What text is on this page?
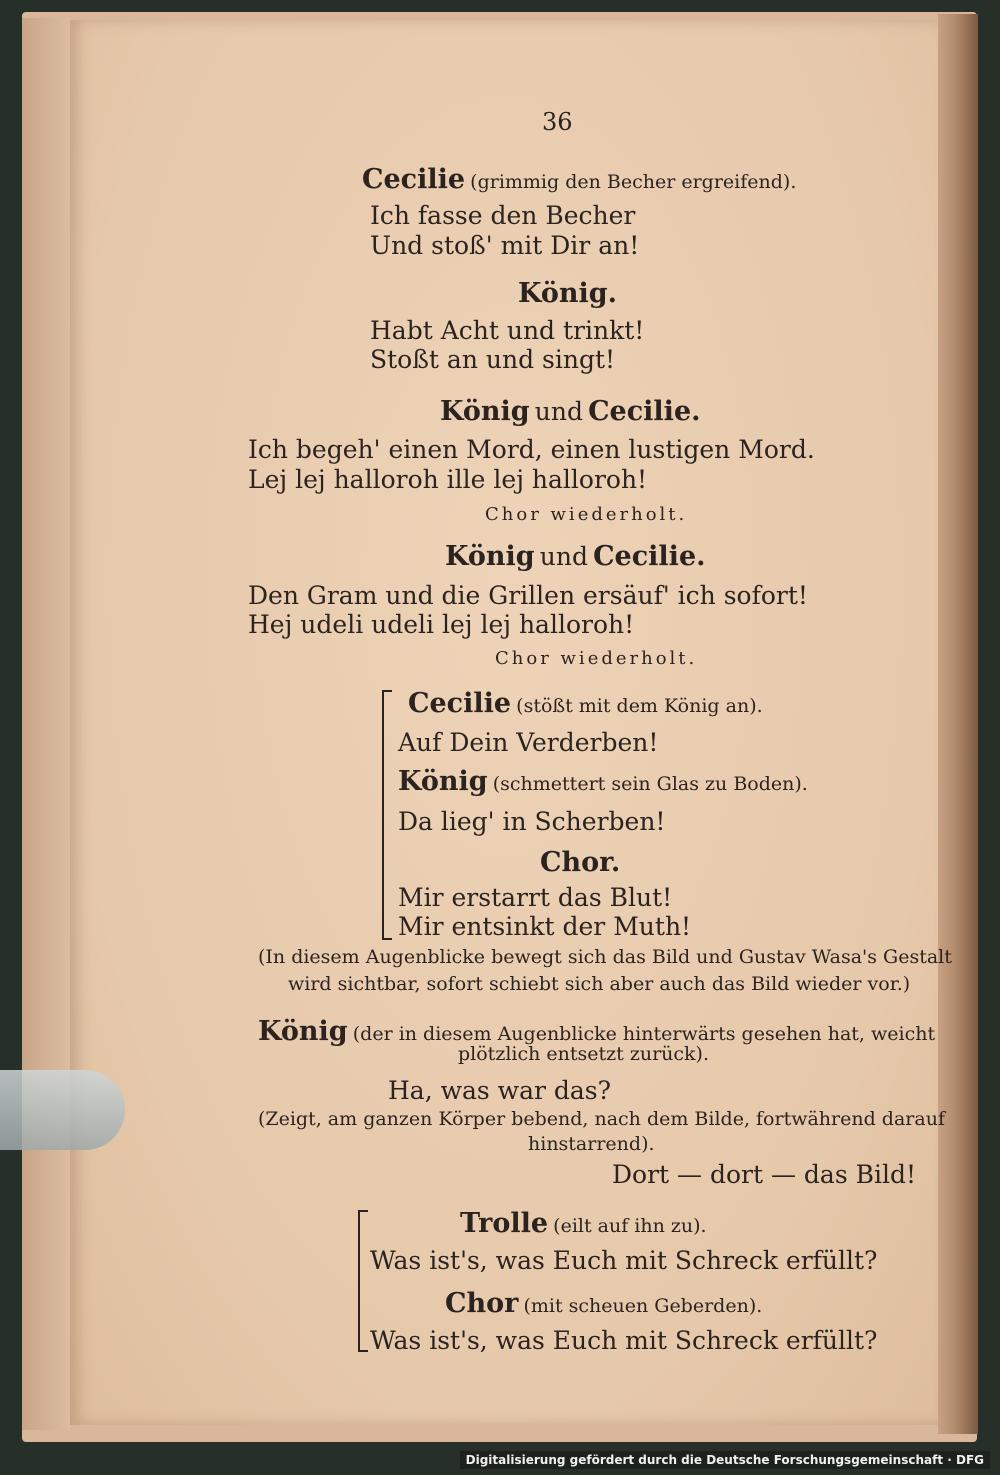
36
Cecilie (grimmig den Becher ergreifend).
Ich fasse den Becher
Und stoß' mit Dir an!
König.
Habt Acht und trinkt!
Stoßt an und singt!
König und Cecilie.
Ich begeh' einen Mord, einen lustigen Mord.
Lej lej halloroh ille lej halloroh!
Chor wiederholt.
König und Cecilie.
Den Gram und die Grillen ersäuf' ich sofort!
Hej udeli udeli lej lej halloroh!
Chor wiederholt.
Cecilie (stößt mit dem König an).
Auf Dein Verderben!
König (schmettert sein Glas zu Boden).
Da lieg' in Scherben!
Chor.
Mir erstarrt das Blut!
Mir entsinkt der Muth!
(In diesem Augenblicke bewegt sich das Bild und Gustav Wasa's Gestalt
wird sichtbar, sofort schiebt sich aber auch das Bild wieder vor.)
König (der in diesem Augenblicke hinterwärts gesehen hat, weicht
plötzlich entsetzt zurück).
Ha, was war das?
(Zeigt, am ganzen Körper bebend, nach dem Bilde, fortwährend darauf
hinstarrend).
Dort — dort — das Bild!
Trolle (eilt auf ihn zu).
Was ist's, was Euch mit Schreck erfüllt?
Chor (mit scheuen Geberden).
Was ist's, was Euch mit Schreck erfüllt?
Digitalisierung gefördert durch die Deutsche Forschungsgemeinschaft · DFG
